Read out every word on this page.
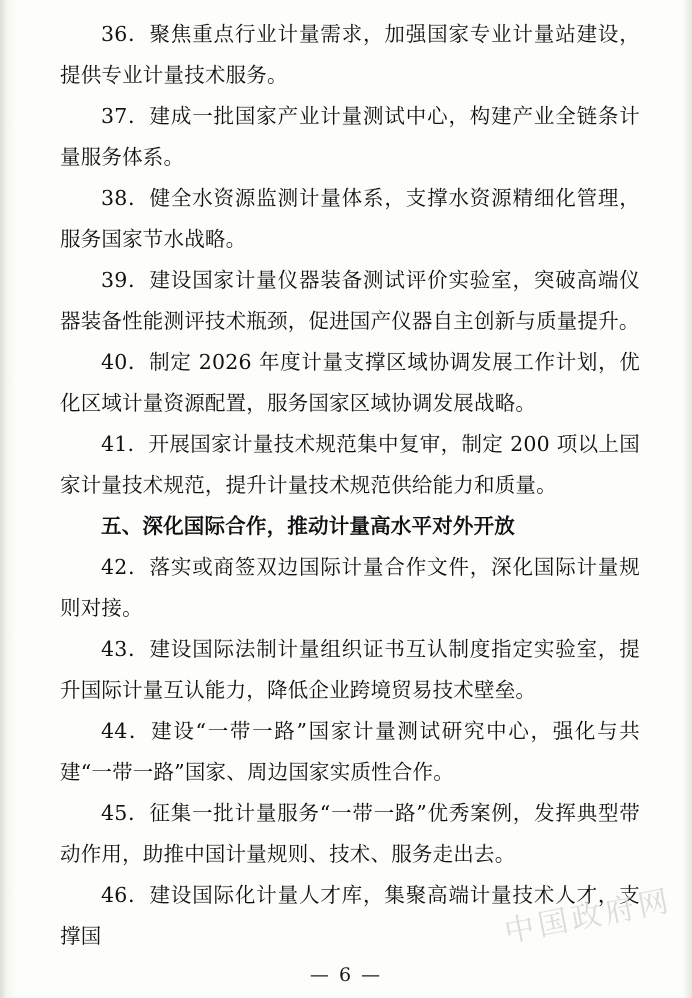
36．聚焦重点行业计量需求，加强国家专业计量站建设，提供专业计量技术服务。

37．建成一批国家产业计量测试中心，构建产业全链条计量服务体系。

38．健全水资源监测计量体系，支撑水资源精细化管理，服务国家节水战略。

39．建设国家计量仪器装备测试评价实验室，突破高端仪器装备性能测评技术瓶颈，促进国产仪器自主创新与质量提升。

40．制定 2026 年度计量支撑区域协调发展工作计划，优化区域计量资源配置，服务国家区域协调发展战略。

41．开展国家计量技术规范集中复审，制定 200 项以上国家计量技术规范，提升计量技术规范供给能力和质量。

五、深化国际合作，推动计量高水平对外开放

42．落实或商签双边国际计量合作文件，深化国际计量规则对接。

43．建设国际法制计量组织证书互认制度指定实验室，提升国际计量互认能力，降低企业跨境贸易技术壁垒。

44．建设“一带一路”国家计量测试研究中心，强化与共建“一带一路”国家、周边国家实质性合作。

45．征集一批计量服务“一带一路”优秀案例，发挥典型带动作用，助推中国计量规则、技术、服务走出去。

46．建设国际化计量人才库，集聚高端计量技术人才，支撑国	中国政府网
— 6 —
